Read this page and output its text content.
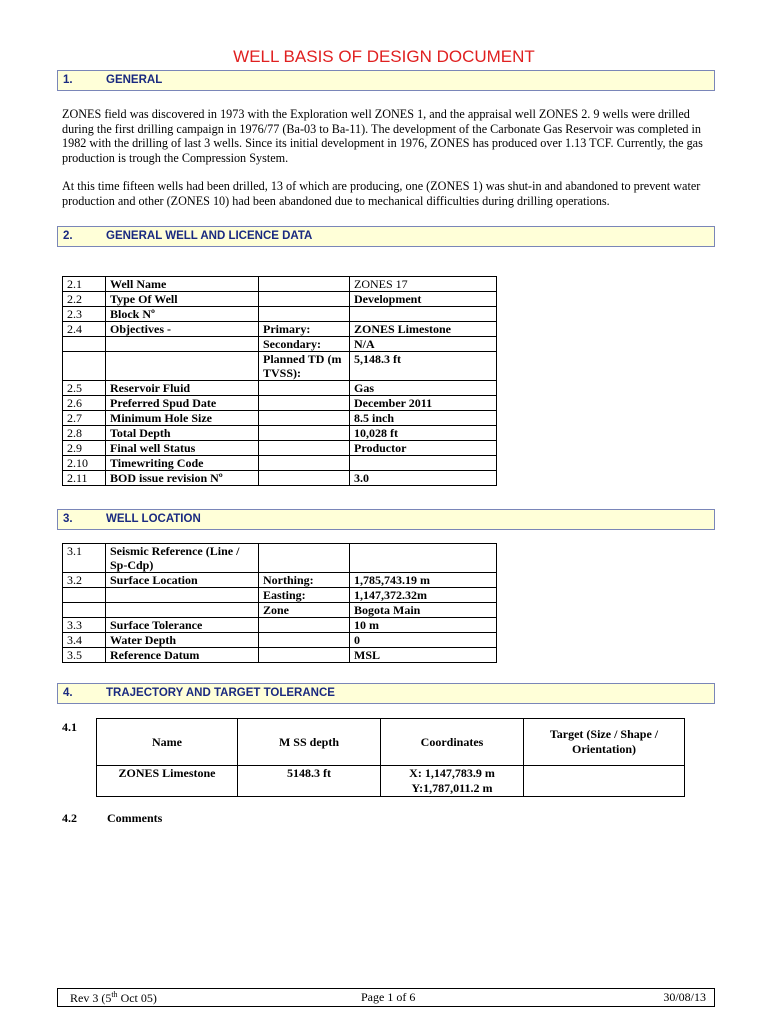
WELL BASIS OF DESIGN DOCUMENT
1.	GENERAL

ZONES field was discovered in 1973 with the Exploration well ZONES 1, and the appraisal well ZONES 2. 9 wells were drilled during the first drilling campaign in 1976/77 (Ba-03 to Ba-11). The development of the Carbonate Gas Reservoir was completed in 1982 with the drilling of last 3 wells. Since its initial development in 1976, ZONES has produced over 1.13 TCF. Currently, the gas production is trough the Compression System.

At this time fifteen wells had been drilled, 13 of which are producing, one (ZONES 1) was shut-in and abandoned to prevent water production and other (ZONES 10) had been abandoned due to mechanical difficulties during drilling operations.

2.	GENERAL WELL AND LICENCE DATA
2.1	Well Name		ZONES 17
2.2	Type Of Well		Development
2.3	Block Nº		
2.4	Objectives -	Primary:	ZONES Limestone
		Secondary:	N/A
		Planned TD (m TVSS):	5,148.3 ft
2.5	Reservoir Fluid		Gas
2.6	Preferred Spud Date		December 2011
2.7	Minimum Hole Size		8.5 inch
2.8	Total Depth		10,028 ft
2.9	Final well Status		Productor
2.10	Timewriting Code		
2.11	BOD issue revision Nº		3.0
3.	WELL LOCATION
3.1	Seismic Reference (Line / Sp-Cdp)		
3.2	Surface Location	Northing:	1,785,743.19 m
		Easting:	1,147,372.32m
		Zone	Bogota Main
3.3	Surface Tolerance		10 m
3.4	Water Depth		0
3.5	Reference Datum		MSL
4.	TRAJECTORY AND TARGET TOLERANCE
4.1
Name	M SS depth	Coordinates	Target (Size / Shape / Orientation)
ZONES Limestone	5148.3 ft	X: 1,147,783.9 m
Y:1,787,011.2 m	

4.2	Comments
Rev 3 (5th Oct 05)	Page 1 of 6	30/08/13
